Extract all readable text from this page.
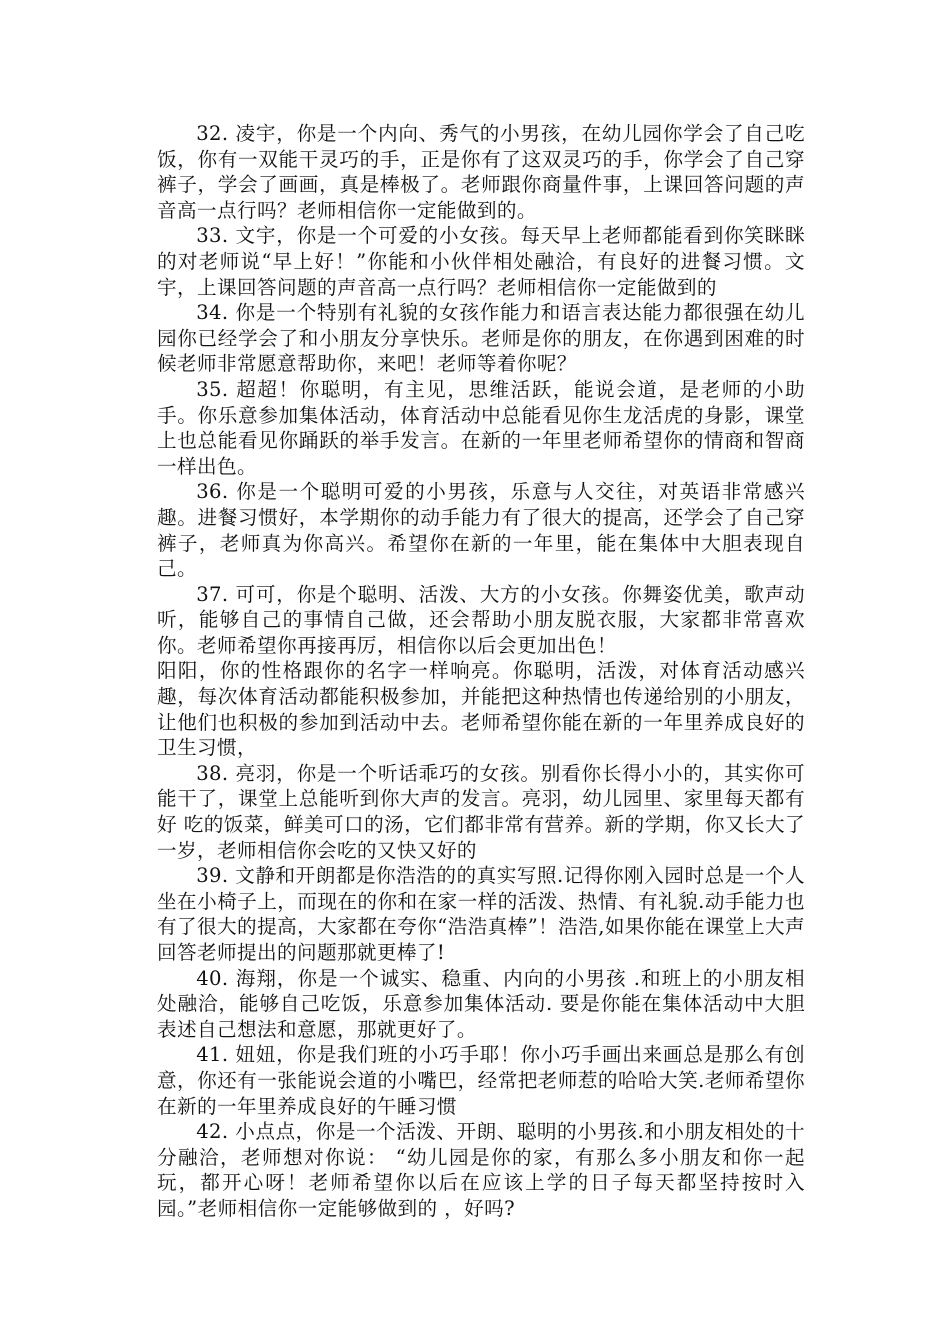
32. 凌宇，你是一个内向、秀气的小男孩，在幼儿园你学会了自己吃饭，你有一双能干灵巧的手，正是你有了这双灵巧的手，你学会了自己穿裤子，学会了画画，真是棒极了。老师跟你商量件事，上课回答问题的声音高一点行吗？老师相信你一定能做到的。

33. 文宇，你是一个可爱的小女孩。每天早上老师都能看到你笑眯眯的对老师说“早上好！”你能和小伙伴相处融洽，有良好的进餐习惯。文宇，上课回答问题的声音高一点行吗？老师相信你一定能做到的

34. 你是一个特别有礼貌的女孩作能力和语言表达能力都很强在幼儿园你已经学会了和小朋友分享快乐。老师是你的朋友，在你遇到困难的时候老师非常愿意帮助你，来吧！老师等着你呢？

35. 超超！你聪明，有主见，思维活跃，能说会道，是老师的小助手。你乐意参加集体活动，体育活动中总能看见你生龙活虎的身影，课堂上也总能看见你踊跃的举手发言。在新的一年里老师希望你的情商和智商一样出色。

36. 你是一个聪明可爱的小男孩，乐意与人交往，对英语非常感兴趣。进餐习惯好，本学期你的动手能力有了很大的提高，还学会了自己穿裤子，老师真为你高兴。希望你在新的一年里，能在集体中大胆表现自己。

37. 可可，你是个聪明、活泼、大方的小女孩。你舞姿优美，歌声动听，能够自己的事情自己做，还会帮助小朋友脱衣服，大家都非常喜欢你。老师希望你再接再厉，相信你以后会更加出色！

阳阳，你的性格跟你的名字一样响亮。你聪明，活泼，对体育活动感兴趣，每次体育活动都能积极参加，并能把这种热情也传递给别的小朋友，让他们也积极的参加到活动中去。老师希望你能在新的一年里养成良好的卫生习惯，

38. 亮羽，你是一个听话乖巧的女孩。别看你长得小小的，其实你可能干了，课堂上总能听到你大声的发言。亮羽，幼儿园里、家里每天都有好 吃的饭菜，鲜美可口的汤，它们都非常有营养。新的学期，你又长大了一岁，老师相信你会吃的又快又好的

39. 文静和开朗都是你浩浩的的真实写照.记得你刚入园时总是一个人坐在小椅子上，而现在的你和在家一样的活泼、热情、有礼貌.动手能力也有了很大的提高，大家都在夸你“浩浩真棒”！浩浩,如果你能在课堂上大声回答老师提出的问题那就更棒了!

40. 海翔，你是一个诚实、稳重、内向的小男孩 .和班上的小朋友相处融洽，能够自己吃饭，乐意参加集体活动. 要是你能在集体活动中大胆表述自己想法和意愿，那就更好了。

41. 妞妞，你是我们班的小巧手耶！你小巧手画出来画总是那么有创意，你还有一张能说会道的小嘴巴，经常把老师惹的哈哈大笑.老师希望你在新的一年里养成良好的午睡习惯

42. 小点点，你是一个活泼、开朗、聪明的小男孩.和小朋友相处的十分融洽，老师想对你说： “幼儿园是你的家，有那么多小朋友和你一起玩，都开心呀！老师希望你以后在应该上学的日子每天都坚持按时入园。”老师相信你一定能够做到的 ，好吗?
